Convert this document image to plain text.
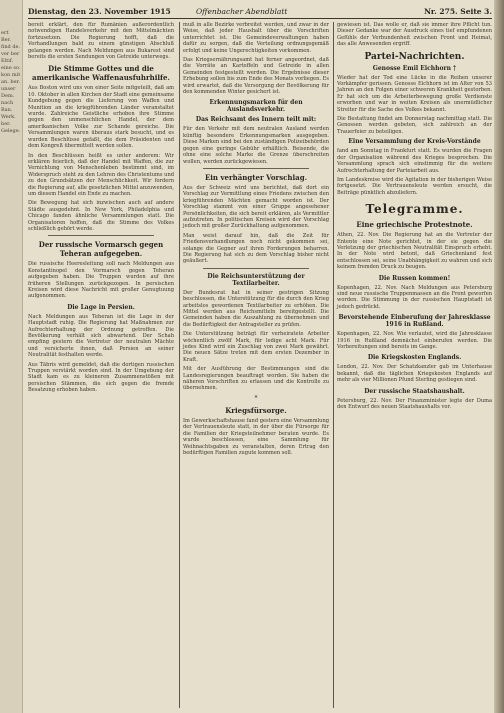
erf. Ber. find de. ver ber Eltif. eine so. kon mit an. ber. unser Dem. nach Ban. Werk. ber. Gelege.
Dienstag, den 23. November 1915	Offenbacher Abendblatt	Nr. 275. Seite 3.

bereit erklärt, den für Rumänien außerordentlich notwendigen Handelsverkehr mit den Mittelmächten fortzusetzen. Die Regierung hofft, daß die Verhandlungen bald zu einem günstigen Abschluß gelangen werden. Nach Meldungen aus Bukarest sind bereits die ersten Sendungen von Getreide unterwegs.

Die Stimme Gottes und die amerikanische Waffenausfuhrhilfe.

Aus Boston wird uns von einer Seite mitgeteilt, daß am 10. Oktober in allen Kirchen der Stadt eine gemeinsame Kundgebung gegen die Lieferung von Waffen und Munition an die kriegführenden Länder veranstaltet wurde. Zahlreiche Geistliche erhoben ihre Stimme gegen den unmenschlichen Handel, der dem amerikanischen Volke zur Schande gereiche. Die Versammlungen waren überaus stark besucht, und es wurden Beschlüsse gefaßt, die dem Präsidenten und dem Kongreß übermittelt werden sollen.

In den Beschlüssen heißt es unter anderem: Wir erklären feierlich, daß der Handel mit Waffen, die zur Vernichtung von Menschenleben bestimmt sind, im Widerspruch steht zu den Lehren des Christentums und zu den Grundsätzen der Menschlichkeit. Wir fordern die Regierung auf, alle gesetzlichen Mittel anzuwenden, um diesem Handel ein Ende zu machen.

Die Bewegung hat sich inzwischen auch auf andere Städte ausgedehnt. In New York, Philadelphia und Chicago fanden ähnliche Versammlungen statt. Die Organisatoren hoffen, daß die Stimme des Volkes schließlich gehört werde.

Der russische Vormarsch gegen Teheran aufgegeben.

Die russische Heeresleitung soll nach Meldungen aus Konstantinopel den Vormarsch gegen Teheran aufgegeben haben. Die Truppen wurden auf ihre früheren Stellungen zurückgezogen. In persischen Kreisen wird diese Nachricht mit großer Genugtuung aufgenommen.

Die Lage in Persien.

Nach Meldungen aus Teheran ist die Lage in der Hauptstadt ruhig. Die Regierung hat Maßnahmen zur Aufrechterhaltung der Ordnung getroffen. Die Bevölkerung verhält sich abwartend. Der Schah empfing gestern die Vertreter der neutralen Mächte und versicherte ihnen, daß Persien an seiner Neutralität festhalten werde.

Aus Täbris wird gemeldet, daß die dortigen russischen Truppen verstärkt worden sind. In der Umgebung der Stadt kam es zu kleineren Zusammenstößen mit persischen Stämmen, die sich gegen die fremde Besatzung erhoben haben.

muß in alle Bezirke verbreitet werden, und zwar in der Weise, daß jeder Haushalt über die Vorschriften unterrichtet ist. Die Gemeindeverwaltungen haben dafür zu sorgen, daß die Verteilung ordnungsgemäß erfolgt und keine Ungerechtigkeiten vorkommen.

Das Kriegsernährungsamt hat ferner angeordnet, daß die Vorräte an Kartoffeln und Getreide in allen Gemeinden festgestellt werden. Die Ergebnisse dieser Erhebung sollen bis zum Ende des Monats vorliegen. Es wird erwartet, daß die Versorgung der Bevölkerung für den kommenden Winter gesichert ist.

Erkennungsmarken für den Auslandsverkehr.
Das Reichsamt des Innern teilt mit:

Für den Verkehr mit dem neutralen Ausland werden künftig besondere Erkennungsmarken ausgegeben. Diese Marken sind bei den zuständigen Polizeibehörden gegen eine geringe Gebühr erhältlich. Reisende, die ohne eine solche Marke die Grenze überschreiten wollen, werden zurückgewiesen.

Ein verhängter Vorschlag.

Aus der Schweiz wird uns berichtet, daß dort ein Vorschlag zur Vermittlung eines Friedens zwischen den kriegführenden Mächten gemacht worden ist. Der Vorschlag stammt von einer Gruppe angesehener Persönlichkeiten, die sich bereit erklären, als Vermittler aufzutreten. In politischen Kreisen wird der Vorschlag jedoch mit großer Zurückhaltung aufgenommen.

Man weist darauf hin, daß die Zeit für Friedensverhandlungen noch nicht gekommen sei, solange die Gegner auf ihren Forderungen beharren. Die Regierung hat sich zu dem Vorschlag bisher nicht geäußert.

Die Reichsunterstützung der Textilarbeiter.

Der Bundesrat hat in seiner gestrigen Sitzung beschlossen, die Unterstützung für die durch den Krieg arbeitslos gewordenen Textilarbeiter zu erhöhen. Die Mittel werden aus Reichsmitteln bereitgestellt. Die Gemeinden haben die Auszahlung zu übernehmen und die Bedürftigkeit der Antragsteller zu prüfen.

Die Unterstützung beträgt für verheiratete Arbeiter wöchentlich zwölf Mark, für ledige acht Mark. Für jedes Kind wird ein Zuschlag von zwei Mark gewährt. Die neuen Sätze treten mit dem ersten Dezember in Kraft.

Mit der Ausführung der Bestimmungen sind die Landesregierungen beauftragt worden. Sie haben die näheren Vorschriften zu erlassen und die Kontrolle zu übernehmen.

*
Kriegsfürsorge.

Im Gewerkschaftshause fand gestern eine Versammlung der Vertrauensleute statt, in der über die Fürsorge für die Familien der Kriegsteilnehmer beraten wurde. Es wurde beschlossen, eine Sammlung für Weihnachtsgaben zu veranstalten, deren Ertrag den bedürftigen Familien zugute kommen soll.

gewiesen ist. Das wolle er, daß sie immer ihre Pflicht tun. Dieser Gedanke war der Ausdruck eines tief empfundenen Gefühls der Verbundenheit zwischen Front und Heimat, das alle Anwesenden ergriff.

Partei-Nachrichten.
Genosse Emil Eichhorn †

Wieder hat der Tod eine Lücke in die Reihen unserer Vorkämpfer gerissen. Genosse Eichhorn ist im Alter von 53 Jahren an den Folgen einer schweren Krankheit gestorben. Er hat sich um die Arbeiterbewegung große Verdienste erworben und war in weiten Kreisen als unermüdlicher Streiter für die Sache des Volkes bekannt.

Die Bestattung findet am Donnerstag nachmittag statt. Die Genossen werden gebeten, sich zahlreich an der Trauerfeier zu beteiligen.

Eine Versammlung der Kreis-Vorstände

fand am Sonntag in Frankfurt statt. Es wurden die Fragen der Organisation während des Krieges besprochen. Die Versammlung sprach sich einstimmig für die weitere Aufrechterhaltung der Parteiarbeit aus.

Im Landeskreise wird die Agitation in der bisherigen Weise fortgesetzt. Die Vertrauensleute werden ersucht, die Beiträge pünktlich abzuliefern.

Telegramme.
Eine griechische Protestnote.

Athen, 22. Nov. Die Regierung hat an die Vertreter der Entente eine Note gerichtet, in der sie gegen die Verletzung der griechischen Neutralität Einspruch erhebt. In der Note wird betont, daß Griechenland fest entschlossen sei, seine Unabhängigkeit zu wahren und sich keinem fremden Druck zu beugen.

Die Russen kommen!

Kopenhagen, 22. Nov. Nach Meldungen aus Petersburg sind neue russische Truppenmassen an die Front geworfen worden. Die Stimmung in der russischen Hauptstadt ist jedoch gedrückt.

Bevorstehende Einberufung der Jahresklasse 1916 in Rußland.

Kopenhagen, 22. Nov. Wie verlautet, wird die Jahresklasse 1916 in Rußland demnächst einberufen werden. Die Vorbereitungen sind bereits im Gange.

Die Kriegskosten Englands.

London, 22. Nov. Der Schatzkanzler gab im Unterhause bekannt, daß die täglichen Kriegskosten Englands auf mehr als vier Millionen Pfund Sterling gestiegen sind.

Der russische Staatshaushalt.

Petersburg, 22. Nov. Der Finanzminister legte der Duma den Entwurf des neuen Staatshaushalts vor.
